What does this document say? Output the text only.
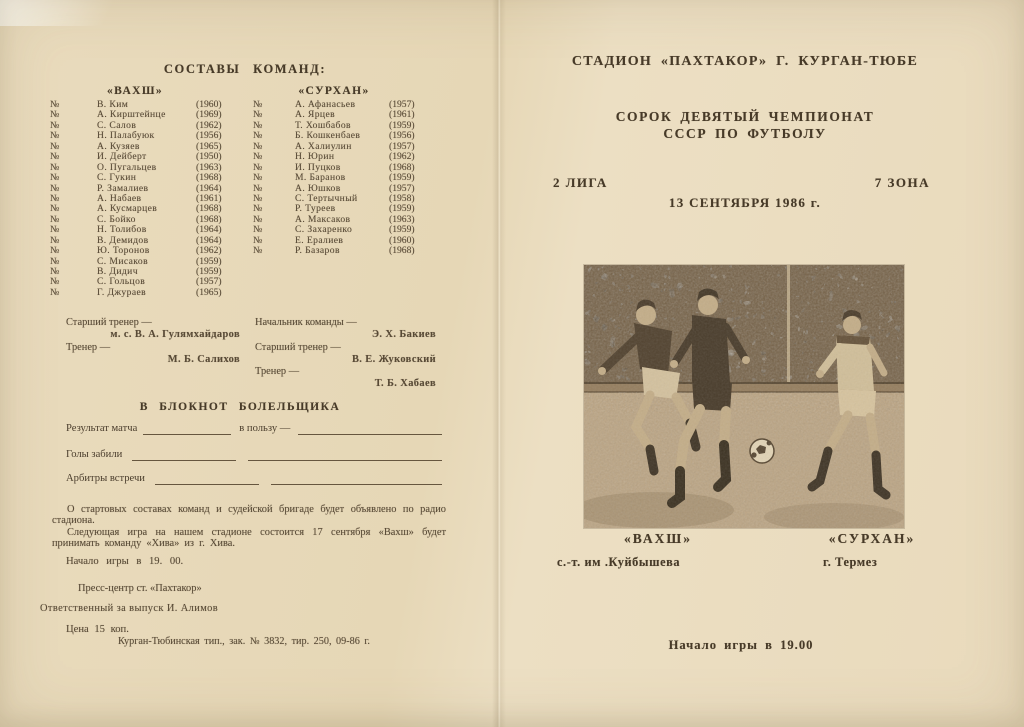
СОСТАВЫ КОМАНД:
«ВАХШ»	«СУРХАН»
№	В. Ким	(1960)
№	А. Кирштейнце	(1969)
№	С. Салов	(1962)
№	Н. Палабуюк	(1956)
№	А. Кузяев	(1965)
№	И. Дейберт	(1950)
№	О. Пугальцев	(1963)
№	С. Гукин	(1968)
№	Р. Замалиев	(1964)
№	А. Набаев	(1961)
№	А. Кусмарцев	(1968)
№	С. Бойко	(1968)
№	Н. Толибов	(1964)
№	В. Демидов	(1964)
№	Ю. Торонов	(1962)
№	С. Мисаков	(1959)
№	В. Дидич	(1959)
№	С. Гольцов	(1957)
№	Г. Джураев	(1965)
№	А. Афанасьев	(1957)
№	А. Ярцев	(1961)
№	Т. Хошбабов	(1959)
№	Б. Кошкенбаев	(1956)
№	А. Халиулин	(1957)
№	Н. Юрин	(1962)
№	И. Пуцков	(1968)
№	М. Баранов	(1959)
№	А. Юшков	(1957)
№	С. Тертычный	(1958)
№	Р. Туреев	(1959)
№	А. Максаков	(1963)
№	С. Захаренко	(1959)
№	Е. Ералиев	(1960)
№	Р. Базаров	(1968)
Старший тренер —
м. с. В. А. Гулямхайдаров
Тренер —
М. Б. Салихов
Начальник команды —
Э. Х. Бакиев
Старший тренер —
В. Е. Жуковский
Тренер —
Т. Б. Хабаев
В БЛОКНОТ БОЛЕЛЬЩИКА
Результат матча	в пользу —
Голы забили
Арбитры встречи

О стартовых составах команд и судейской бригаде будет объявлено по радио стадиона.

Следующая игра на нашем стадионе состоится 17 сентября «Вахш» будет принимать команду «Хива» из г. Хива.

Начало игры в 19. 00.
Пресс-центр ст. «Пахтакор»
Ответственный за выпуск И. Алимов
Цена 15 коп.
Курган-Тюбинская тип., зак. № 3832, тир. 250, 09-86 г.
СТАДИОН «ПАХТАКОР» Г. КУРГАН-ТЮБЕ
СОРОК ДЕВЯТЫЙ ЧЕМПИОНАТ
СССР ПО ФУТБОЛУ
2 ЛИГА	7 ЗОНА
13 СЕНТЯБРЯ 1986 г.
«ВАХШ»	«СУРХАН»
с.-т. им .Куйбышева	г. Термез
Начало игры в 19.00
